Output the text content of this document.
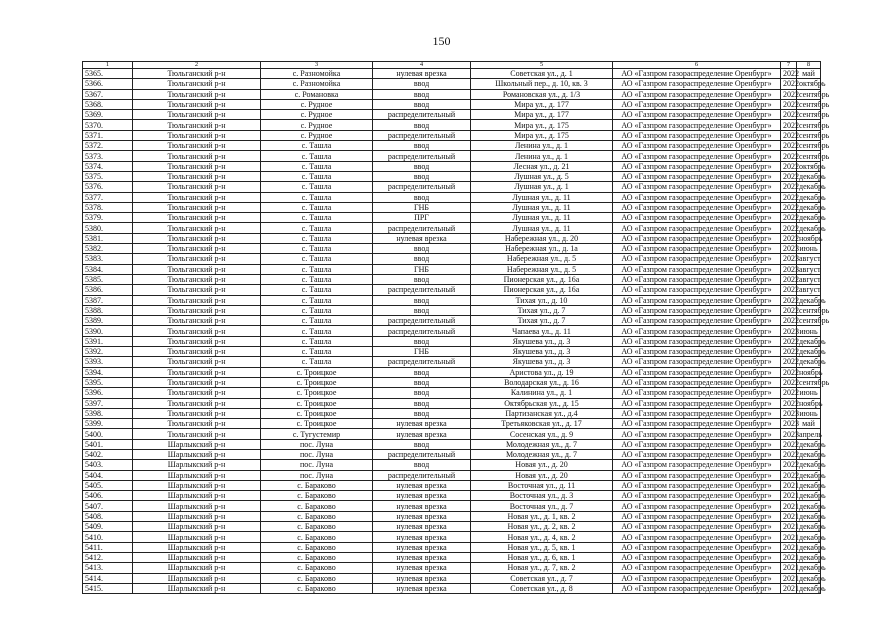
150
1	2	3	4	5	6	7	8
5365.	Тюльганский р-н	с. Разномойка	нулевая врезка	Советская ул., д. 1	АО «Газпром газораспределение Оренбург»	2022	май
5366.	Тюльганский р-н	с. Разномойка	ввод	Школьный пер., д. 10, кв. 3	АО «Газпром газораспределение Оренбург»	2022	октябрь
5367.	Тюльганский р-н	с. Романовка	ввод	Романовская ул., д. 1/3	АО «Газпром газораспределение Оренбург»	2022	сентябрь
5368.	Тюльганский р-н	с. Рудное	ввод	Мира ул., д. 177	АО «Газпром газораспределение Оренбург»	2022	сентябрь
5369.	Тюльганский р-н	с. Рудное	распределительный	Мира ул., д. 177	АО «Газпром газораспределение Оренбург»	2022	сентябрь
5370.	Тюльганский р-н	с. Рудное	ввод	Мира ул., д. 175	АО «Газпром газораспределение Оренбург»	2022	сентябрь
5371.	Тюльганский р-н	с. Рудное	распределительный	Мира ул., д. 175	АО «Газпром газораспределение Оренбург»	2022	сентябрь
5372.	Тюльганский р-н	с. Ташла	ввод	Ленина ул., д. 1	АО «Газпром газораспределение Оренбург»	2022	сентябрь
5373.	Тюльганский р-н	с. Ташла	распределительный	Ленина ул., д. 1	АО «Газпром газораспределение Оренбург»	2022	сентябрь
5374.	Тюльганский р-н	с. Ташла	ввод	Лесная ул., д. 21	АО «Газпром газораспределение Оренбург»	2022	октябрь
5375.	Тюльганский р-н	с. Ташла	ввод	Лушная ул., д. 5	АО «Газпром газораспределение Оренбург»	2022	декабрь
5376.	Тюльганский р-н	с. Ташла	распределительный	Лушная ул., д. 1	АО «Газпром газораспределение Оренбург»	2022	декабрь
5377.	Тюльганский р-н	с. Ташла	ввод	Лушная ул., д. 11	АО «Газпром газораспределение Оренбург»	2022	декабрь
5378.	Тюльганский р-н	с. Ташла	ГНБ	Лушная ул., д. 11	АО «Газпром газораспределение Оренбург»	2022	декабрь
5379.	Тюльганский р-н	с. Ташла	ПРГ	Лушная ул., д. 11	АО «Газпром газораспределение Оренбург»	2022	декабрь
5380.	Тюльганский р-н	с. Ташла	распределительный	Лушная ул., д. 11	АО «Газпром газораспределение Оренбург»	2022	декабрь
5381.	Тюльганский р-н	с. Ташла	нулевая врезка	Набережная ул., д. 20	АО «Газпром газораспределение Оренбург»	2022	ноябрь
5382.	Тюльганский р-н	с. Ташла	ввод	Набережная ул., д. 1а	АО «Газпром газораспределение Оренбург»	2023	июнь
5383.	Тюльганский р-н	с. Ташла	ввод	Набережная ул., д. 5	АО «Газпром газораспределение Оренбург»	2023	август
5384.	Тюльганский р-н	с. Ташла	ГНБ	Набережная ул., д. 5	АО «Газпром газораспределение Оренбург»	2023	август
5385.	Тюльганский р-н	с. Ташла	ввод	Пионерская ул., д. 16а	АО «Газпром газораспределение Оренбург»	2022	август
5386.	Тюльганский р-н	с. Ташла	распределительный	Пионерская ул., д. 16а	АО «Газпром газораспределение Оренбург»	2022	август
5387.	Тюльганский р-н	с. Ташла	ввод	Тихая ул., д. 10	АО «Газпром газораспределение Оренбург»	2022	декабрь
5388.	Тюльганский р-н	с. Ташла	ввод	Тихая ул., д. 7	АО «Газпром газораспределение Оренбург»	2022	сентябрь
5389.	Тюльганский р-н	с. Ташла	распределительный	Тихая ул., д. 7	АО «Газпром газораспределение Оренбург»	2022	сентябрь
5390.	Тюльганский р-н	с. Ташла	распределительный	Чапаева ул., д. 11	АО «Газпром газораспределение Оренбург»	2023	июнь
5391.	Тюльганский р-н	с. Ташла	ввод	Якушева ул., д. 3	АО «Газпром газораспределение Оренбург»	2022	декабрь
5392.	Тюльганский р-н	с. Ташла	ГНБ	Якушева ул., д. 3	АО «Газпром газораспределение Оренбург»	2022	декабрь
5393.	Тюльганский р-н	с. Ташла	распределительный	Якушева ул., д. 3	АО «Газпром газораспределение Оренбург»	2022	декабрь
5394.	Тюльганский р-н	с. Троицкое	ввод	Аристова ул., д. 19	АО «Газпром газораспределение Оренбург»	2022	ноябрь
5395.	Тюльганский р-н	с. Троицкое	ввод	Володарская ул., д. 16	АО «Газпром газораспределение Оренбург»	2022	сентябрь
5396.	Тюльганский р-н	с. Троицкое	ввод	Калинина ул., д. 1	АО «Газпром газораспределение Оренбург»	2022	июнь
5397.	Тюльганский р-н	с. Троицкое	ввод	Октябрьская ул., д. 15	АО «Газпром газораспределение Оренбург»	2022	ноябрь
5398.	Тюльганский р-н	с. Троицкое	ввод	Партизанская ул., д.4	АО «Газпром газораспределение Оренбург»	2023	июнь
5399.	Тюльганский р-н	с. Троицкое	нулевая врезка	Третьяковская ул., д. 17	АО «Газпром газораспределение Оренбург»	2023	май
5400.	Тюльганский р-н	с. Тугустемир	нулевая врезка	Сосенская ул., д. 9	АО «Газпром газораспределение Оренбург»	2023	апрель
5401.	Шарлыкский р-н	пос. Луна	ввод	Молодежная ул., д. 7	АО «Газпром газораспределение Оренбург»	2022	декабрь
5402.	Шарлыкский р-н	пос. Луна	распределительный	Молодежная ул., д. 7	АО «Газпром газораспределение Оренбург»	2022	декабрь
5403.	Шарлыкский р-н	пос. Луна	ввод	Новая ул., д. 20	АО «Газпром газораспределение Оренбург»	2022	декабрь
5404.	Шарлыкский р-н	пос. Луна	распределительный	Новая ул., д. 20	АО «Газпром газораспределение Оренбург»	2022	декабрь
5405.	Шарлыкский р-н	с. Бараково	нулевая врезка	Восточная ул., д. 11	АО «Газпром газораспределение Оренбург»	2021	декабрь
5406.	Шарлыкский р-н	с. Бараково	нулевая врезка	Восточная ул., д. 3	АО «Газпром газораспределение Оренбург»	2021	декабрь
5407.	Шарлыкский р-н	с. Бараково	нулевая врезка	Восточная ул., д. 7	АО «Газпром газораспределение Оренбург»	2021	декабрь
5408.	Шарлыкский р-н	с. Бараково	нулевая врезка	Новая ул., д. 1, кв. 2	АО «Газпром газораспределение Оренбург»	2021	декабрь
5409.	Шарлыкский р-н	с. Бараково	нулевая врезка	Новая ул., д. 2, кв. 2	АО «Газпром газораспределение Оренбург»	2021	декабрь
5410.	Шарлыкский р-н	с. Бараково	нулевая врезка	Новая ул., д. 4, кв. 2	АО «Газпром газораспределение Оренбург»	2021	декабрь
5411.	Шарлыкский р-н	с. Бараково	нулевая врезка	Новая ул., д. 5, кв. 1	АО «Газпром газораспределение Оренбург»	2021	декабрь
5412.	Шарлыкский р-н	с. Бараково	нулевая врезка	Новая ул., д. 6, кв. 1	АО «Газпром газораспределение Оренбург»	2021	декабрь
5413.	Шарлыкский р-н	с. Бараково	нулевая врезка	Новая ул., д. 7, кв. 2	АО «Газпром газораспределение Оренбург»	2021	декабрь
5414.	Шарлыкский р-н	с. Бараково	нулевая врезка	Советская ул., д. 7	АО «Газпром газораспределение Оренбург»	2021	декабрь
5415.	Шарлыкский р-н	с. Бараково	нулевая врезка	Советская ул., д. 8	АО «Газпром газораспределение Оренбург»	2021	декабрь
